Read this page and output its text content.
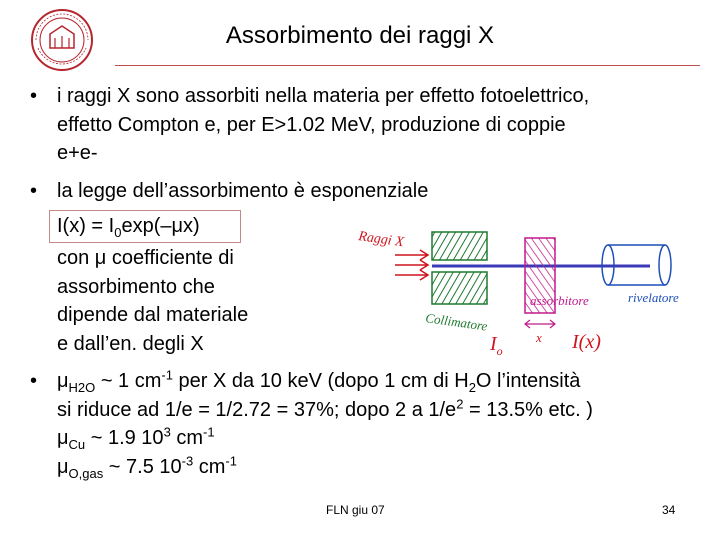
Assorbimento dei raggi X
• i raggi X sono assorbiti nella materia per effetto fotoelettrico,
effetto Compton e, per E>1.02 MeV, produzione di coppie
e+e-
• la legge dell’assorbimento è esponenziale
$I(x) = I_0\exp(-\mu x)$
con μ coefficiente di
assorbimento che
dipende dal materiale
e dall’en. degli X
• $\mu_{H2O}$ ~ 1 $cm^{-1}$ per X da 10 keV (dopo 1 cm di $H_2O$ l’intensità
si riduce ad 1/e = 1/2.72 = 37%; dopo 2 a $1/e^2 = 13.5\%$ etc. )
$\mu_{Cu}$ ~ 1.9 $10^3$ $cm^{-1}$
$\mu_{O,gas}$ ~ 7.5 $10^{-3}$ $cm^{-1}$
Raggi X
Collimatore
assorbitore	rivelatore
x
$I_o$	I(x)
FLN giu 07	34
